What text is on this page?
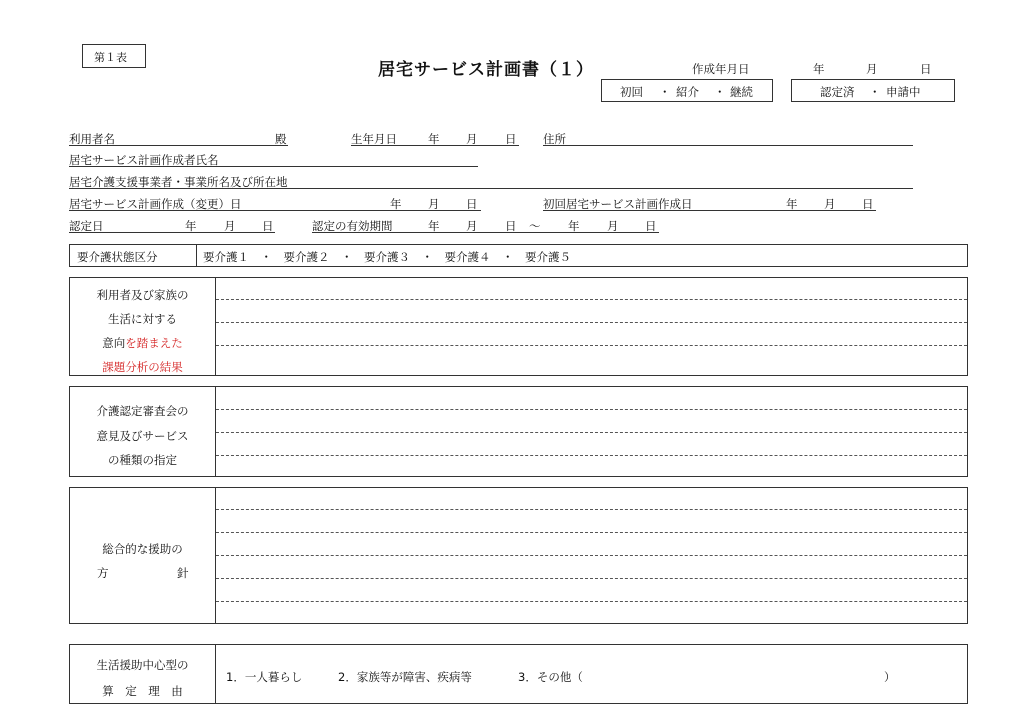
第１表
居宅サービス計画書（１）	作成年月日	年	月	日
初回 ・ 紹介 ・ 継続	認定済 ・ 申請中
利用者名	殿	生年月日	年 月 日 住所
居宅サービス計画作成者氏名
居宅介護支援事業者・事業所名及び所在地
居宅サービス計画作成（変更）日	年 月 日	初回居宅サービス計画作成日	年 月 日
認定日	年 月 日	認定の有効期間	年 月 日 ～ 年 月 日
要介護状態区分	要介護１　・　要介護２　・　要介護３　・　要介護４　・　要介護５
利用者及び家族の
生活に対する
意向を踏まえた
課題分析の結果
介護認定審査会の
意見及びサービス
の種類の指定
総合的な援助の
方	針
生活援助中心型の
算　定　理　由
1．一人暮らし	2．家族等が障害、疾病等	3．その他（	）
